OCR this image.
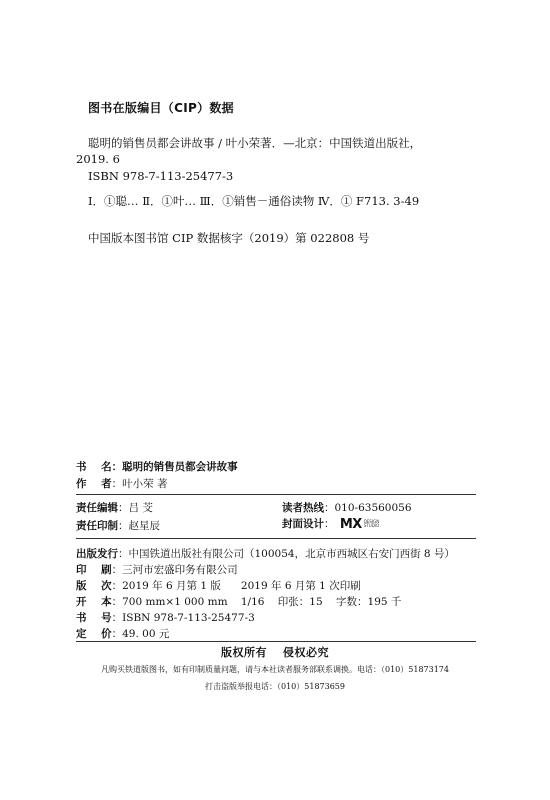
图书在版编目（CIP）数据
聪明的销售员都会讲故事 / 叶小荣著．—北京：中国铁道出版社，
2019. 6
ISBN 978-7-113-25477-3
Ⅰ．①聪… Ⅱ．①叶… Ⅲ．①销售－通俗读物 Ⅳ．① F713. 3-49
中国版本图书馆 CIP 数据核字（2019）第 022808 号
书    名：聪明的销售员都会讲故事
作    者：叶小荣 著
责任编辑：吕 芠	读者热线：010-63560056
责任印制：赵星辰	封面设计： MX DESIGN STUDIO
出版发行：中国铁道出版社有限公司（100054，北京市西城区右安门西街 8 号）
印    刷：三河市宏盛印务有限公司
版    次：2019 年 6 月第 1 版      2019 年 6 月第 1 次印刷
开    本：700 mm×1 000 mm    1/16    印张：15    字数：195 千
书    号：ISBN 978-7-113-25477-3
定    价：49. 00 元
版权所有 侵权必究
凡购买铁道版图书，如有印制质量问题，请与本社读者服务部联系调换。电话：（010）51873174
打击盗版举报电话：（010）51873659
